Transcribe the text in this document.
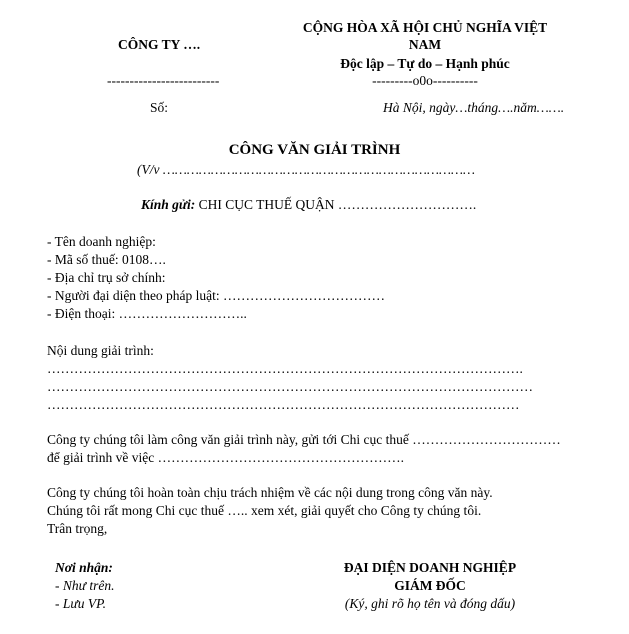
CÔNG TY ….
-------------------------
Số:
CỘNG HÒA XÃ HỘI CHỦ NGHĨA VIỆT
NAM
Độc lập – Tự do – Hạnh phúc
---------o0o----------
Hà Nội, ngày…tháng….năm…….
CÔNG VĂN GIẢI TRÌNH
(V/v ……………………………………………………………………
Kính gửi: CHI CỤC THUẾ QUẬN ………………………….
- Tên doanh nghiệp:
- Mã số thuế: 0108….
- Địa chỉ trụ sở chính:
- Người đại diện theo pháp luật: ………………………………
- Điện thoại: ………………………..
Nội dung giải trình:
…………………………………………………………………………………………….
………………………………………………………………………………………………
……………………………………………………………………………………………
Công ty chúng tôi làm công văn giải trình này, gửi tới Chi cục thuế ……………………………
để giải trình về việc ……………………………………………….
Công ty chúng tôi hoàn toàn chịu trách nhiệm về các nội dung trong công văn này.
Chúng tôi rất mong Chi cục thuế ….. xem xét, giải quyết cho Công ty chúng tôi.
Trân trọng,
Nơi nhận:
- Như trên.
- Lưu VP.
ĐẠI DIỆN DOANH NGHIỆP
GIÁM ĐỐC
(Ký, ghi rõ họ tên và đóng dấu)
